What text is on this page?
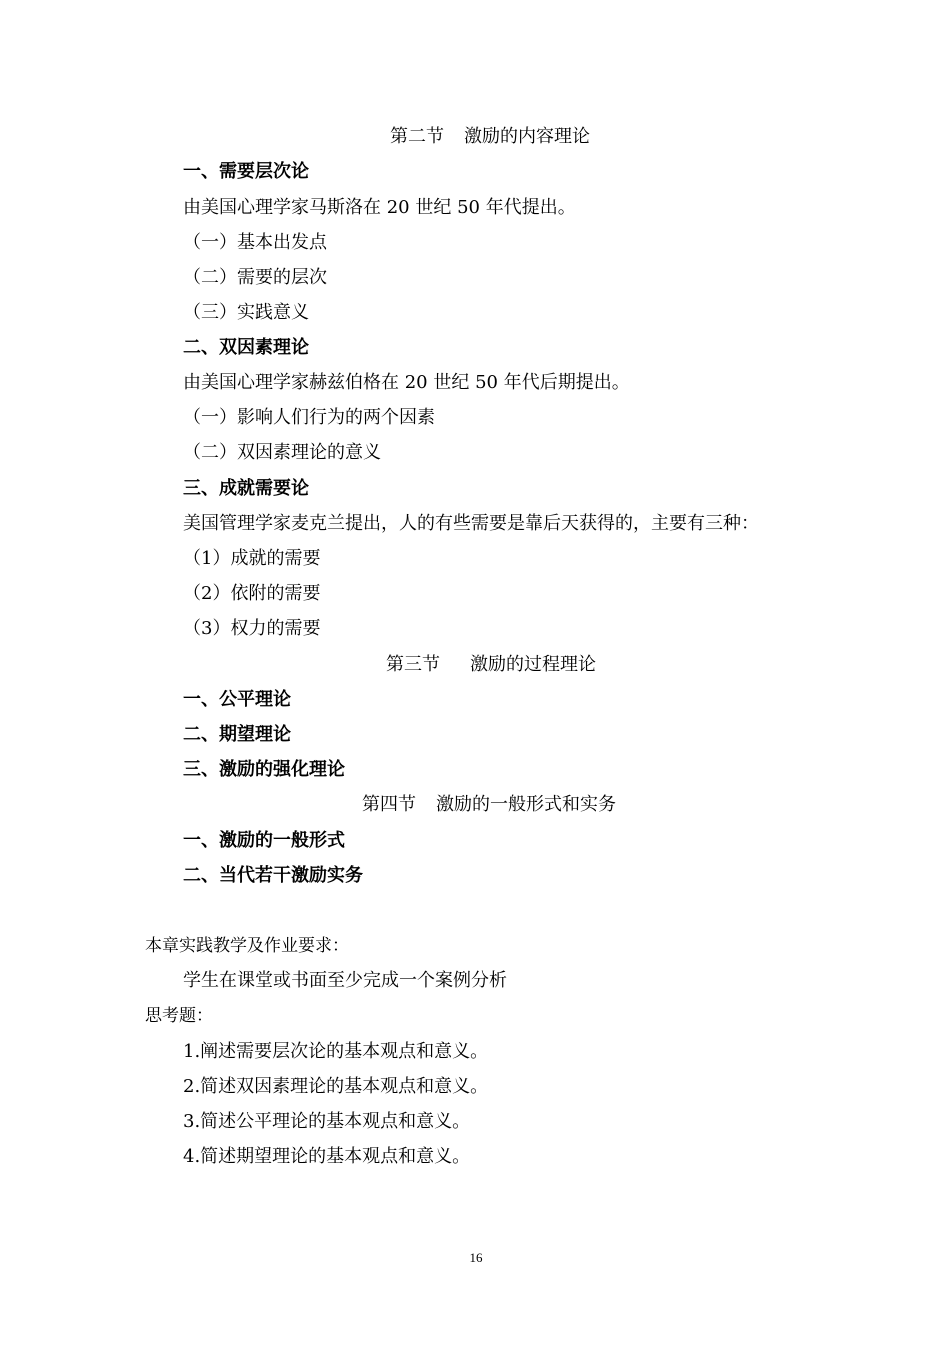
第二节 激励的内容理论
一、需要层次论
由美国心理学家马斯洛在 20 世纪 50 年代提出。
（一）基本出发点
（二）需要的层次
（三）实践意义
二、双因素理论
由美国心理学家赫兹伯格在 20 世纪 50 年代后期提出。
（一）影响人们行为的两个因素
（二）双因素理论的意义
三、成就需要论
美国管理学家麦克兰提出，人的有些需要是靠后天获得的，主要有三种：
（1）成就的需要
（2）依附的需要
（3）权力的需要
第三节 激励的过程理论
一、公平理论
二、期望理论
三、激励的强化理论
第四节 激励的一般形式和实务
一、激励的一般形式
二、当代若干激励实务
本章实践教学及作业要求：
学生在课堂或书面至少完成一个案例分析
思考题：
1.阐述需要层次论的基本观点和意义。
2.简述双因素理论的基本观点和意义。
3.简述公平理论的基本观点和意义。
4.简述期望理论的基本观点和意义。
16
